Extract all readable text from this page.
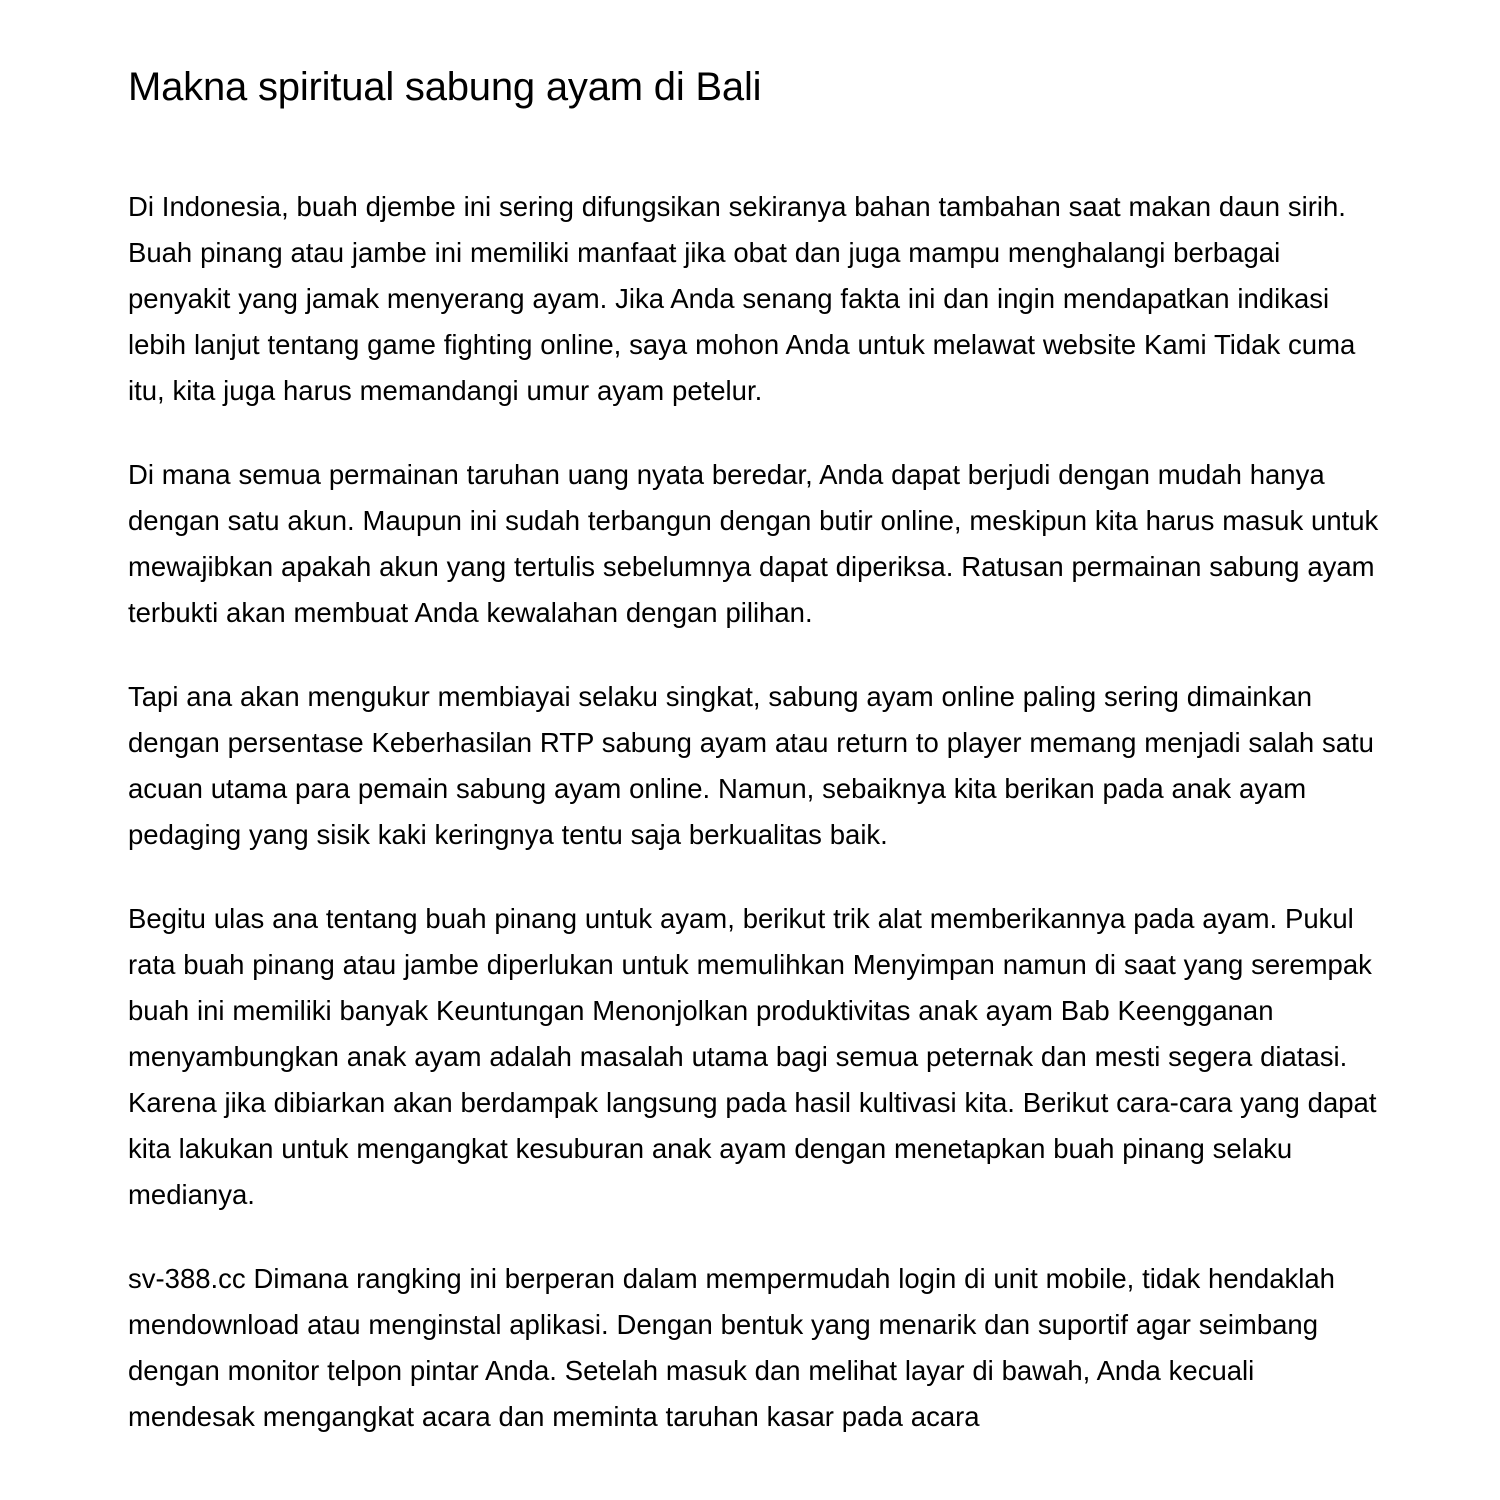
Makna spiritual sabung ayam di Bali

Di Indonesia, buah djembe ini sering difungsikan sekiranya bahan tambahan saat makan daun sirih. Buah pinang atau jambe ini memiliki manfaat jika obat dan juga mampu menghalangi berbagai penyakit yang jamak menyerang ayam. Jika Anda senang fakta ini dan ingin mendapatkan indikasi lebih lanjut tentang game fighting online, saya mohon Anda untuk melawat website Kami Tidak cuma itu, kita juga harus memandangi umur ayam petelur.

Di mana semua permainan taruhan uang nyata beredar, Anda dapat berjudi dengan mudah hanya dengan satu akun. Maupun ini sudah terbangun dengan butir online, meskipun kita harus masuk untuk mewajibkan apakah akun yang tertulis sebelumnya dapat diperiksa. Ratusan permainan sabung ayam terbukti akan membuat Anda kewalahan dengan pilihan.

Tapi ana akan mengukur membiayai selaku singkat, sabung ayam online paling sering dimainkan dengan persentase Keberhasilan RTP sabung ayam atau return to player memang menjadi salah satu acuan utama para pemain sabung ayam online. Namun, sebaiknya kita berikan pada anak ayam pedaging yang sisik kaki keringnya tentu saja berkualitas baik.

Begitu ulas ana tentang buah pinang untuk ayam, berikut trik alat memberikannya pada ayam. Pukul rata buah pinang atau jambe diperlukan untuk memulihkan Menyimpan namun di saat yang serempak buah ini memiliki banyak Keuntungan Menonjolkan produktivitas anak ayam Bab Keengganan menyambungkan anak ayam adalah masalah utama bagi semua peternak dan mesti segera diatasi. Karena jika dibiarkan akan berdampak langsung pada hasil kultivasi kita. Berikut cara-cara yang dapat kita lakukan untuk mengangkat kesuburan anak ayam dengan menetapkan buah pinang selaku medianya.

sv-388.cc Dimana rangking ini berperan dalam mempermudah login di unit mobile, tidak hendaklah mendownload atau menginstal aplikasi. Dengan bentuk yang menarik dan suportif agar seimbang dengan monitor telpon pintar Anda. Setelah masuk dan melihat layar di bawah, Anda kecuali mendesak mengangkat acara dan meminta taruhan kasar pada acara
